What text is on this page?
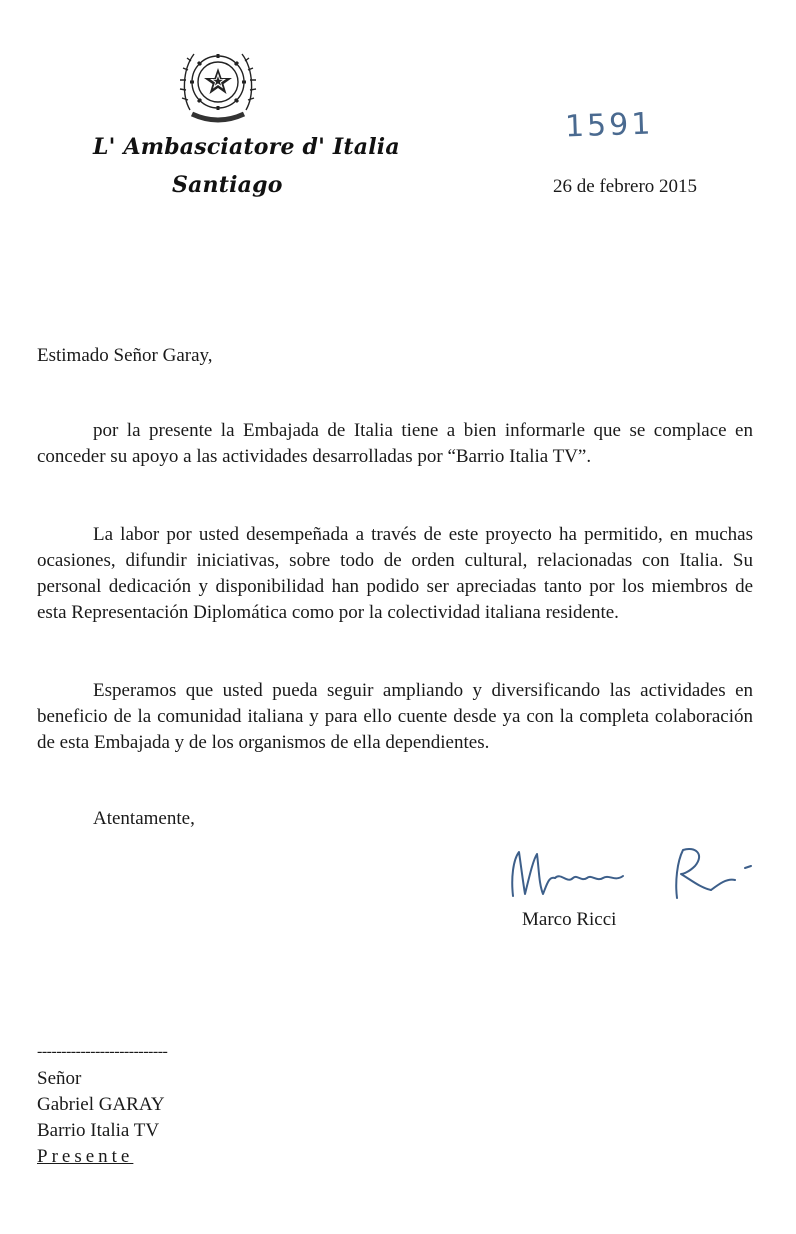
L' Ambasciatore d' Italia
Santiago
1591
26 de febrero 2015
Estimado Señor Garay,
por la presente la Embajada de Italia tiene a bien informarle que se complace en conceder su apoyo a las actividades desarrolladas por “Barrio Italia TV”.
La labor por usted desempeñada a través de este proyecto ha permitido, en muchas ocasiones, difundir iniciativas, sobre todo de orden cultural, relacionadas con Italia. Su personal dedicación y disponibilidad han podido ser apreciadas tanto por los miembros de esta Representación Diplomática como por la colectividad italiana residente.
Esperamos que usted pueda seguir ampliando y diversificando las actividades en beneficio de la comunidad italiana y para ello cuente desde ya con la completa colaboración de esta Embajada y de los organismos de ella dependientes.
Atentamente,
Marco Ricci
---------------------------
Señor
Gabriel GARAY
Barrio Italia TV
Presente
